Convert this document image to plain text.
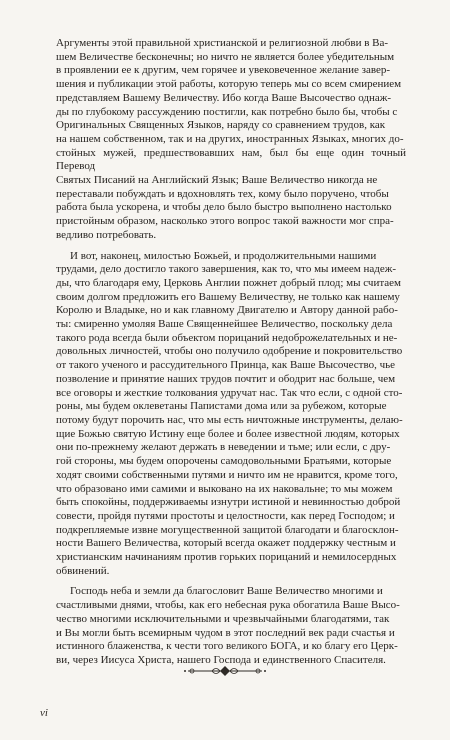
Аргументы этой правильной христианской и религиозной любви в Ва-
шем Величестве бесконечны; но ничто не является более убедительным
в проявлении ее к другим, чем горячее и увековеченное желание завер-
шения и публикации этой работы, которую теперь мы со всем смирением
представляем Вашему Величеству. Ибо когда Ваше Высочество однаж-
ды по глубокому рассуждению постигли, как потребно было бы, чтобы с
Оригинальных Священных Языков, наряду со сравнением трудов, как
на нашем собственном, так и на других, иностранных Языках, многих до-
стойных мужей, предшествовавших нам, был бы еще один точный Перевод
Святых Писаний на Английский Язык; Ваше Величество никогда не
переставали побуждать и вдохновлять тех, кому было поручено, чтобы
работа была ускорена, и чтобы дело было быстро выполнено настолько
пристойным образом, насколько этого вопрос такой важности мог спра-
ведливо потребовать.

И вот, наконец, милостью Божьей, и продолжительными нашими
трудами, дело достигло такого завершения, как то, что мы имеем надеж-
ды, что благодаря ему, Церковь Англии пожнет добрый плод; мы считаем
своим долгом предложить его Вашему Величеству, не только как нашему
Королю и Владыке, но и как главному Двигателю и Автору данной рабо-
ты: смиренно умоляя Ваше Священнейшее Величество, поскольку дела
такого рода всегда были объектом порицаний недоброжелательных и не-
довольных личностей, чтобы оно получило одобрение и покровительство
от такого ученого и рассудительного Принца, как Ваше Высочество, чье
позволение и принятие наших трудов почтит и ободрит нас больше, чем
все оговоры и жесткие толкования удручат нас. Так что если, с одной сто-
роны, мы будем оклеветаны Папистами дома или за рубежом, которые
потому будут порочить нас, что мы есть ничтожные инструменты, делаю-
щие Божью святую Истину еще более и более известной людям, которых
они по-прежнему желают держать в неведении и тьме; или если, с дру-
гой стороны, мы будем опорочены самодовольными Братьями, которые
ходят своими собственными путями и ничто им не нравится, кроме того,
что образовано ими самими и выковано на их наковальне; то мы можем
быть спокойны, поддерживаемы изнутри истиной и невинностью доброй
совести, пройдя путями простоты и целостности, как перед Господом; и
подкрепляемые извне могущественной защитой благодати и благосклон-
ности Вашего Величества, который всегда окажет поддержку честным и
христианским начинаниям против горьких порицаний и немилосердных
обвинений.

Господь неба и земли да благословит Ваше Величество многими и
счастливыми днями, чтобы, как его небесная рука обогатила Ваше Высо-
чество многими исключительными и чрезвычайными благодатями, так
и Вы могли быть всемирным чудом в этот последний век ради счастья и
истинного блаженства, к чести того великого БОГА, и ко благу его Церк-
ви, через Иисуса Христа, нашего Господа и единственного Спасителя.

vi
